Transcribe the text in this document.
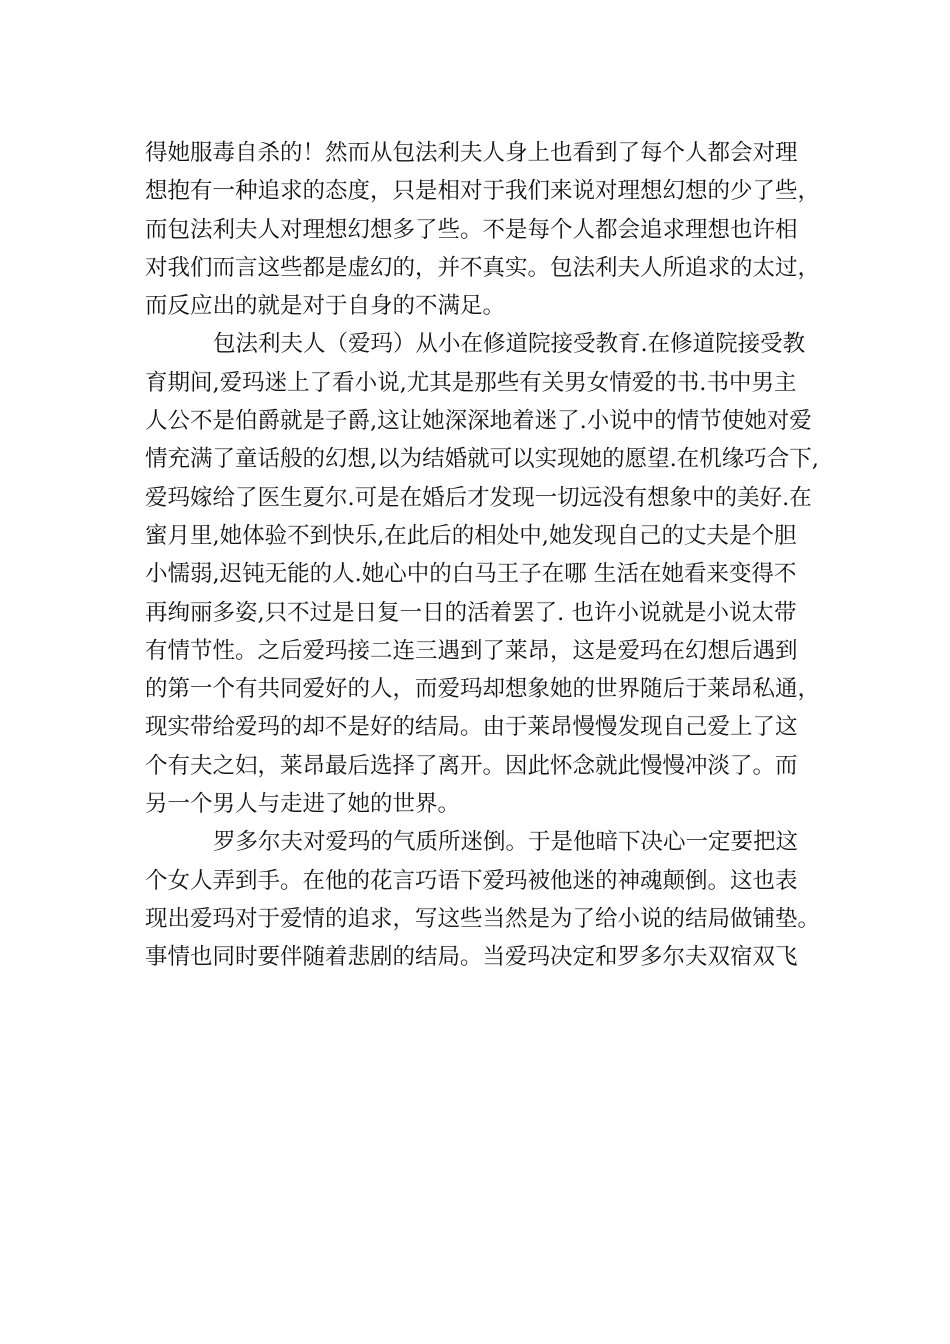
得她服毒自杀的！然而从包法利夫人身上也看到了每个人都会对理
想抱有一种追求的态度，只是相对于我们来说对理想幻想的少了些，
而包法利夫人对理想幻想多了些。不是每个人都会追求理想也许相
对我们而言这些都是虚幻的，并不真实。包法利夫人所追求的太过，
而反应出的就是对于自身的不满足。
包法利夫人（爱玛）从小在修道院接受教育.在修道院接受教
育期间,爱玛迷上了看小说,尤其是那些有关男女情爱的书.书中男主
人公不是伯爵就是子爵,这让她深深地着迷了.小说中的情节使她对爱
情充满了童话般的幻想,以为结婚就可以实现她的愿望.在机缘巧合下,
爱玛嫁给了医生夏尔.可是在婚后才发现一切远没有想象中的美好.在
蜜月里,她体验不到快乐,在此后的相处中,她发现自己的丈夫是个胆
小懦弱,迟钝无能的人.她心中的白马王子在哪 生活在她看来变得不
再绚丽多姿,只不过是日复一日的活着罢了. 也许小说就是小说太带
有情节性。之后爱玛接二连三遇到了莱昂，这是爱玛在幻想后遇到
的第一个有共同爱好的人，而爱玛却想象她的世界随后于莱昂私通，
现实带给爱玛的却不是好的结局。由于莱昂慢慢发现自己爱上了这
个有夫之妇，莱昂最后选择了离开。因此怀念就此慢慢冲淡了。而
另一个男人与走进了她的世界。
罗多尔夫对爱玛的气质所迷倒。于是他暗下决心一定要把这
个女人弄到手。在他的花言巧语下爱玛被他迷的神魂颠倒。这也表
现出爱玛对于爱情的追求，写这些当然是为了给小说的结局做铺垫。
事情也同时要伴随着悲剧的结局。当爱玛决定和罗多尔夫双宿双飞
